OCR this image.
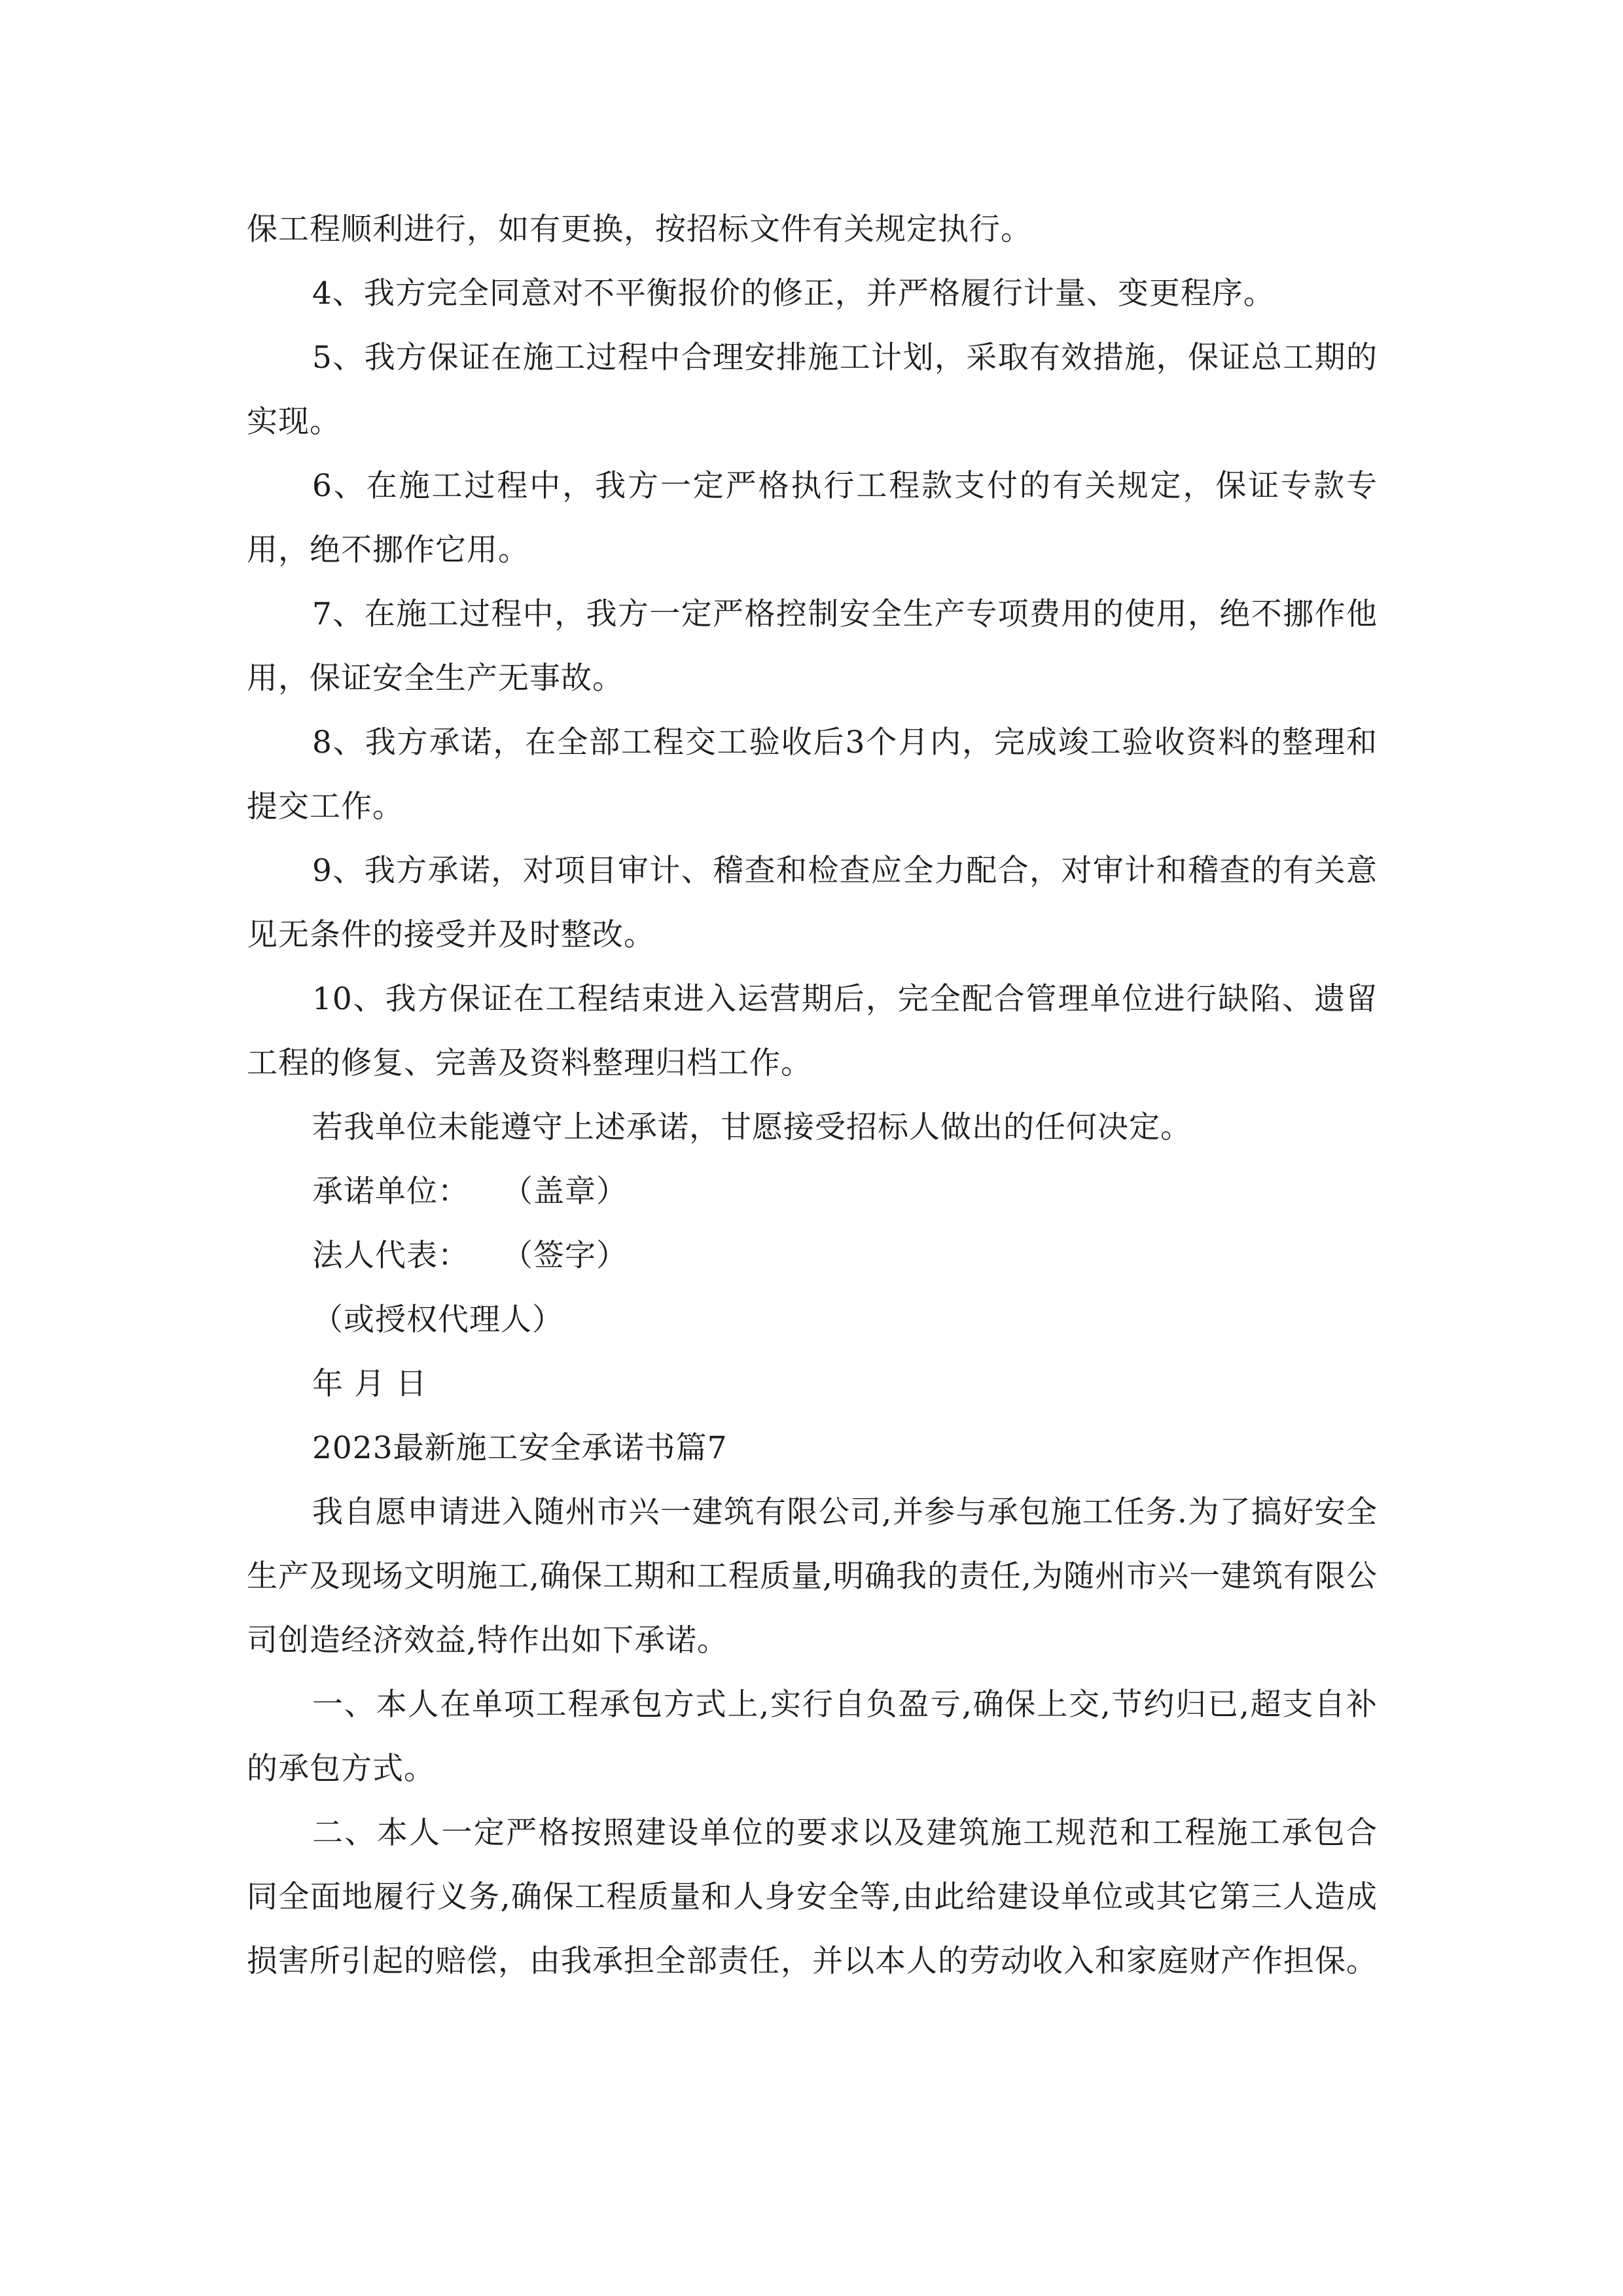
保工程顺利进行，如有更换，按招标文件有关规定执行。

4、我方完全同意对不平衡报价的修正，并严格履行计量、变更程序。

5、我方保证在施工过程中合理安排施工计划，采取有效措施，保证总工期的实现。

6、在施工过程中，我方一定严格执行工程款支付的有关规定，保证专款专用，绝不挪作它用。

7、在施工过程中，我方一定严格控制安全生产专项费用的使用，绝不挪作他用，保证安全生产无事故。

8、我方承诺，在全部工程交工验收后3个月内，完成竣工验收资料的整理和提交工作。

9、我方承诺，对项目审计、稽查和检查应全力配合，对审计和稽查的有关意见无条件的接受并及时整改。

10、我方保证在工程结束进入运营期后，完全配合管理单位进行缺陷、遗留工程的修复、完善及资料整理归档工作。

若我单位未能遵守上述承诺，甘愿接受招标人做出的任何决定。

承诺单位： （盖章）

法人代表： （签字）

（或授权代理人）

年 月 日

2023最新施工安全承诺书篇7

我自愿申请进入随州市兴一建筑有限公司,并参与承包施工任务.为了搞好安全生产及现场文明施工,确保工期和工程质量,明确我的责任,为随州市兴一建筑有限公司创造经济效益,特作出如下承诺。

一、本人在单项工程承包方式上,实行自负盈亏,确保上交,节约归已,超支自补的承包方式。

二、本人一定严格按照建设单位的要求以及建筑施工规范和工程施工承包合同全面地履行义务,确保工程质量和人身安全等,由此给建设单位或其它第三人造成损害所引起的赔偿，由我承担全部责任，并以本人的劳动收入和家庭财产作担保。
